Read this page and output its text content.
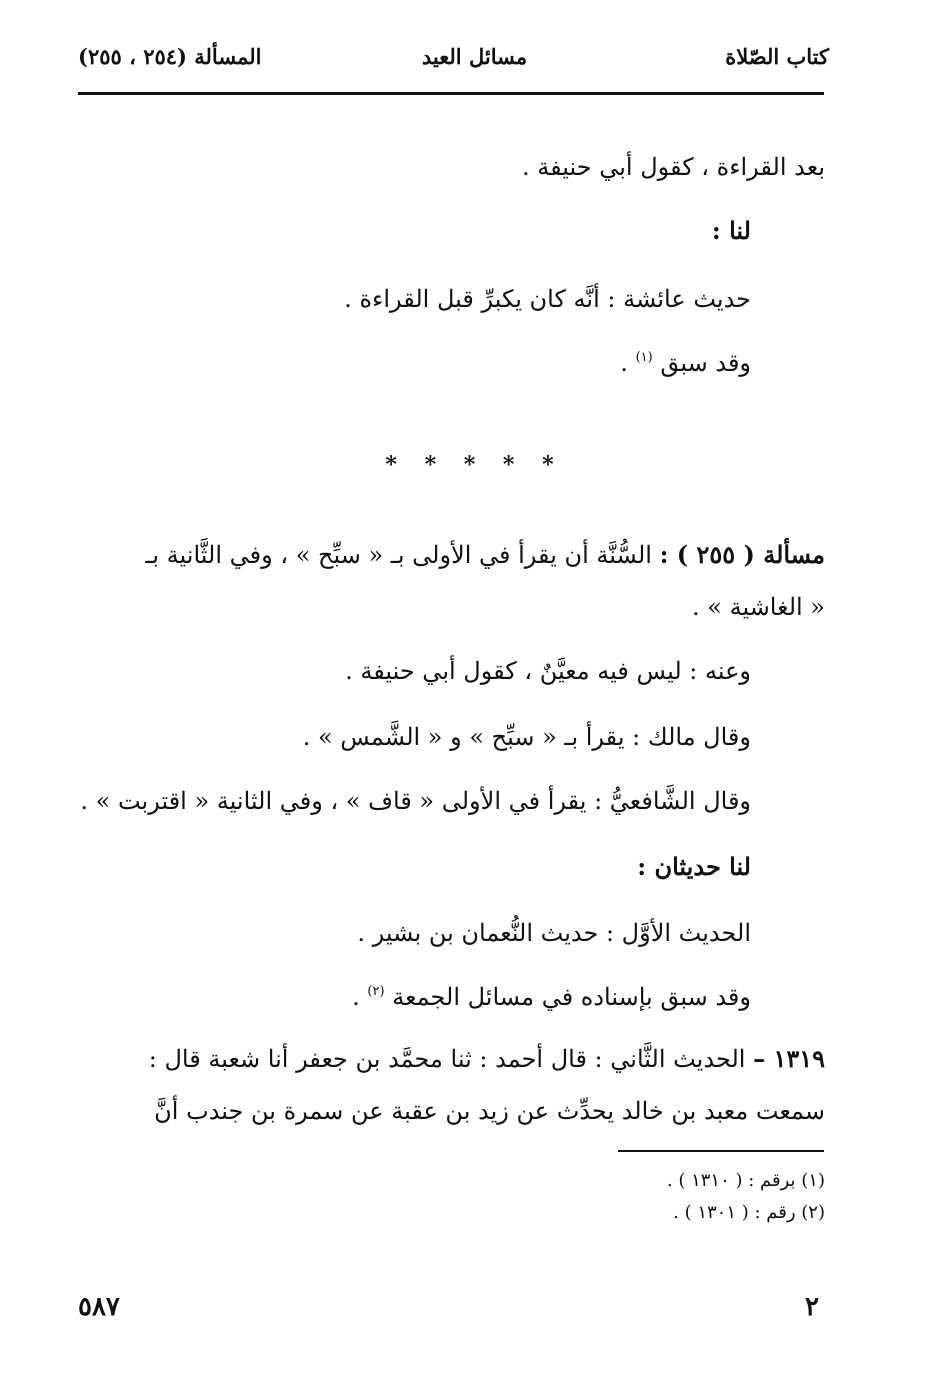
كتاب الصّلاة
مسائل العيد
المسألة (٢٥٤ ، ٢٥٥)
بعد القراءة ، كقول أبي حنيفة .
لنا :
حديث عائشة : أنَّه كان يكبرِّ قبل القراءة .
وقد سبق $^{(١)}$ .
* * * * *
مسألة ( ٢٥٥ ) : السُّنَّة أن يقرأ في الأولى بـ « سبِّح » ، وفي الثَّانية بـ
« الغاشية » .
وعنه : ليس فيه معيَّنٌ ، كقول أبي حنيفة .
وقال مالك : يقرأ بـ « سبِّح » و « الشَّمس » .
وقال الشَّافعيُّ : يقرأ في الأولى « قاف » ، وفي الثانية « اقتربت » .
لنا حديثان :
الحديث الأوَّل : حديث النُّعمان بن بشير .
وقد سبق بإسناده في مسائل الجمعة $^{(٢)}$ .
١٣١٩ – الحديث الثَّاني : قال أحمد : ثنا محمَّد بن جعفر أنا شعبة قال :
سمعت معبد بن خالد يحدِّث عن زيد بن عقبة عن سمرة بن جندب أنَّ
(١) برقم : ( ١٣١٠ ) .
(٢) رقم : ( ١٣٠١ ) .
٢
٥٨٧
